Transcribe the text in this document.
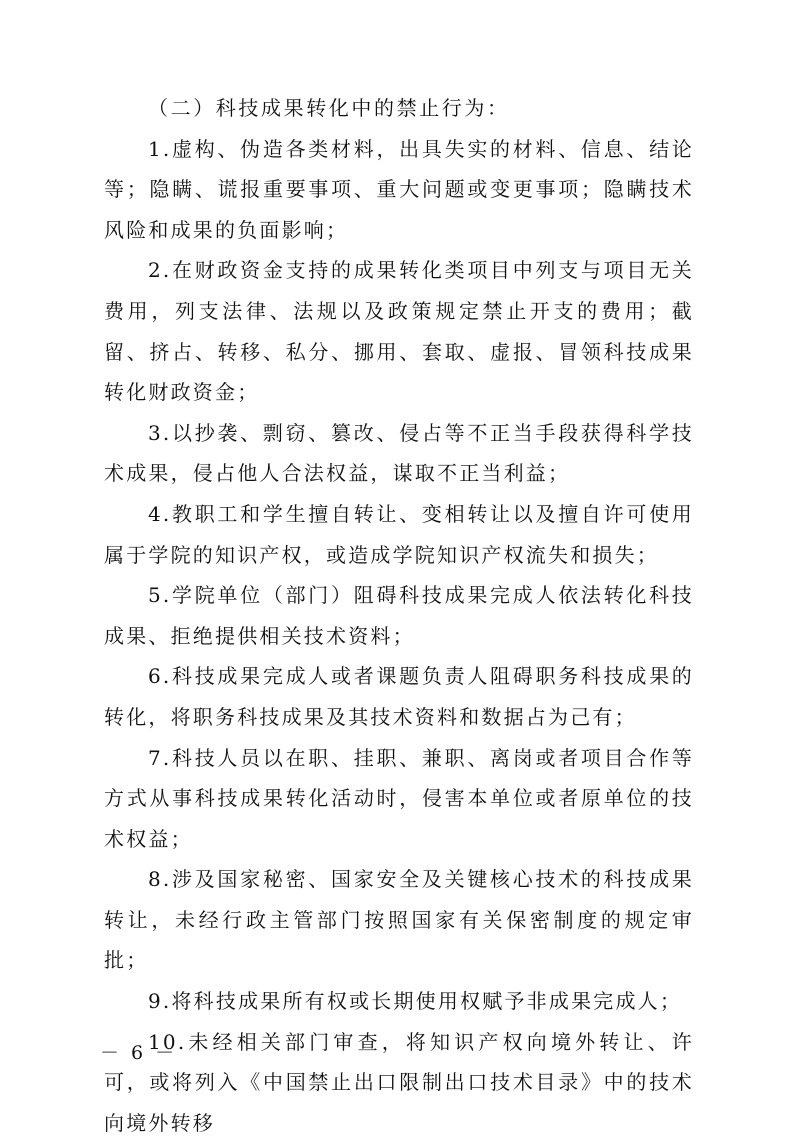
（二）科技成果转化中的禁止行为：

1.虚构、伪造各类材料，出具失实的材料、信息、结论等；隐瞒、谎报重要事项、重大问题或变更事项；隐瞒技术风险和成果的负面影响；

2.在财政资金支持的成果转化类项目中列支与项目无关费用，列支法律、法规以及政策规定禁止开支的费用；截留、挤占、转移、私分、挪用、套取、虚报、冒领科技成果转化财政资金；

3.以抄袭、剽窃、篡改、侵占等不正当手段获得科学技术成果，侵占他人合法权益，谋取不正当利益；

4.教职工和学生擅自转让、变相转让以及擅自许可使用属于学院的知识产权，或造成学院知识产权流失和损失；

5.学院单位（部门）阻碍科技成果完成人依法转化科技成果、拒绝提供相关技术资料；

6.科技成果完成人或者课题负责人阻碍职务科技成果的转化，将职务科技成果及其技术资料和数据占为己有；

7.科技人员以在职、挂职、兼职、离岗或者项目合作等方式从事科技成果转化活动时，侵害本单位或者原单位的技术权益；

8.涉及国家秘密、国家安全及关键核心技术的科技成果转让，未经行政主管部门按照国家有关保密制度的规定审批；

9.将科技成果所有权或长期使用权赋予非成果完成人；

10.未经相关部门审查，将知识产权向境外转让、许可，或将列入《中国禁止出口限制出口技术目录》中的技术向境外转移

－ 6 －
